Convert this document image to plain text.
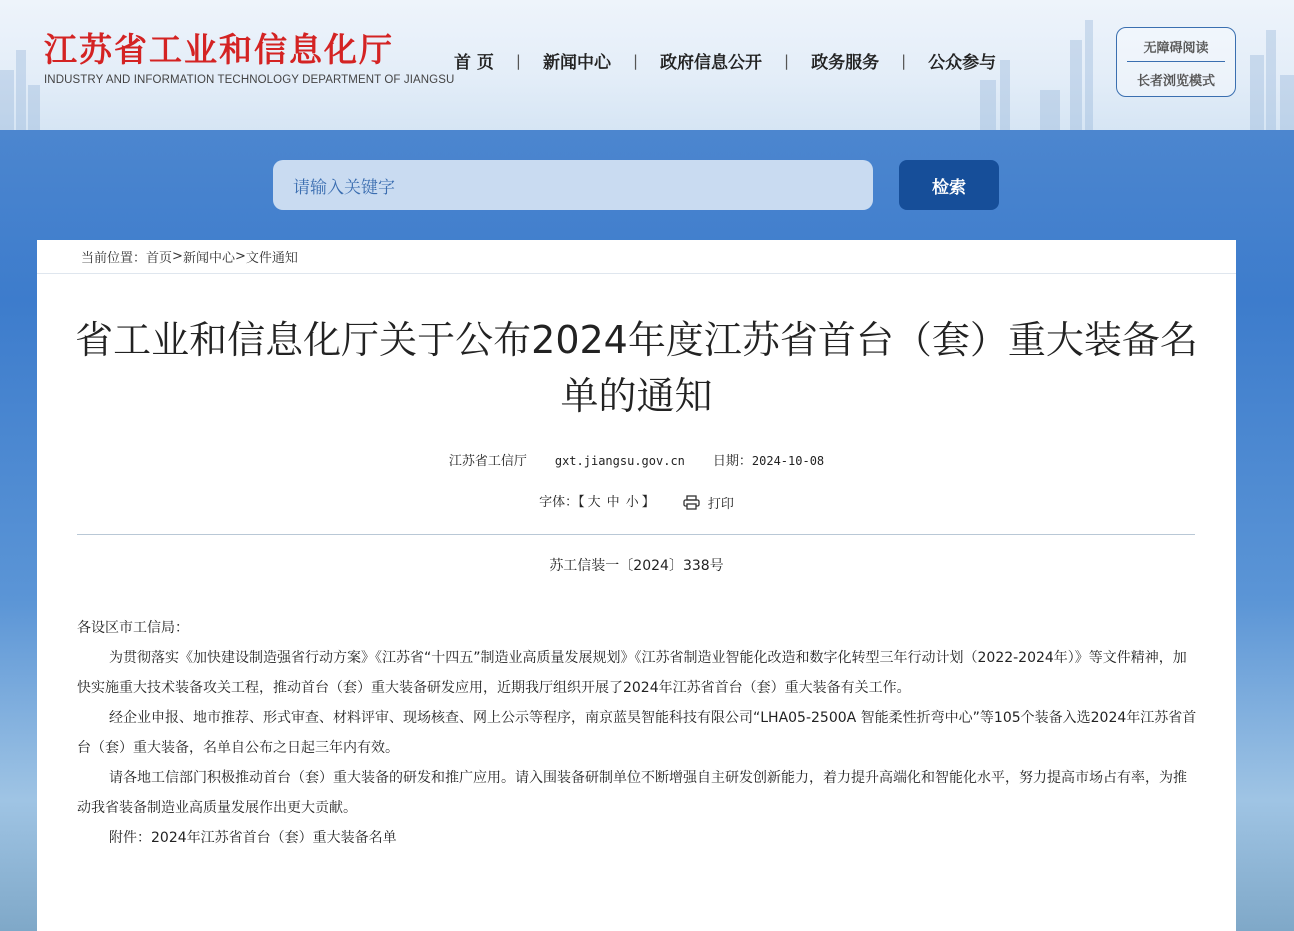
江苏省工业和信息化厅
INDUSTRY AND INFORMATION TECHNOLOGY DEPARTMENT OF JIANGSU
首 页 | 新闻中心 | 政府信息公开 | 政务服务 | 公众参与
无障碍阅读
长者浏览模式
请输入关键字	检索
当前位置： 首页 > 新闻中心 > 文件通知
省工业和信息化厅关于公布2024年度江苏省首台（套）重大装备名单的通知
江苏省工信厅 gxt.jiangsu.gov.cn 日期：2024-10-08
字体：【 大 中 小 】	打印
苏工信装一〔2024〕338号

各设区市工信局：

为贯彻落实《加快建设制造强省行动方案》《江苏省“十四五”制造业高质量发展规划》《江苏省制造业智能化改造和数字化转型三年行动计划（2022-2024年）》等文件精神，加快实施重大技术装备攻关工程，推动首台（套）重大装备研发应用，近期我厅组织开展了2024年江苏省首台（套）重大装备有关工作。

经企业申报、地市推荐、形式审查、材料评审、现场核查、网上公示等程序，南京蓝昊智能科技有限公司“LHA05-2500A 智能柔性折弯中心”等105个装备入选2024年江苏省首台（套）重大装备，名单自公布之日起三年内有效。

请各地工信部门积极推动首台（套）重大装备的研发和推广应用。请入围装备研制单位不断增强自主研发创新能力，着力提升高端化和智能化水平，努力提高市场占有率，为推动我省装备制造业高质量发展作出更大贡献。

附件：2024年江苏省首台（套）重大装备名单
